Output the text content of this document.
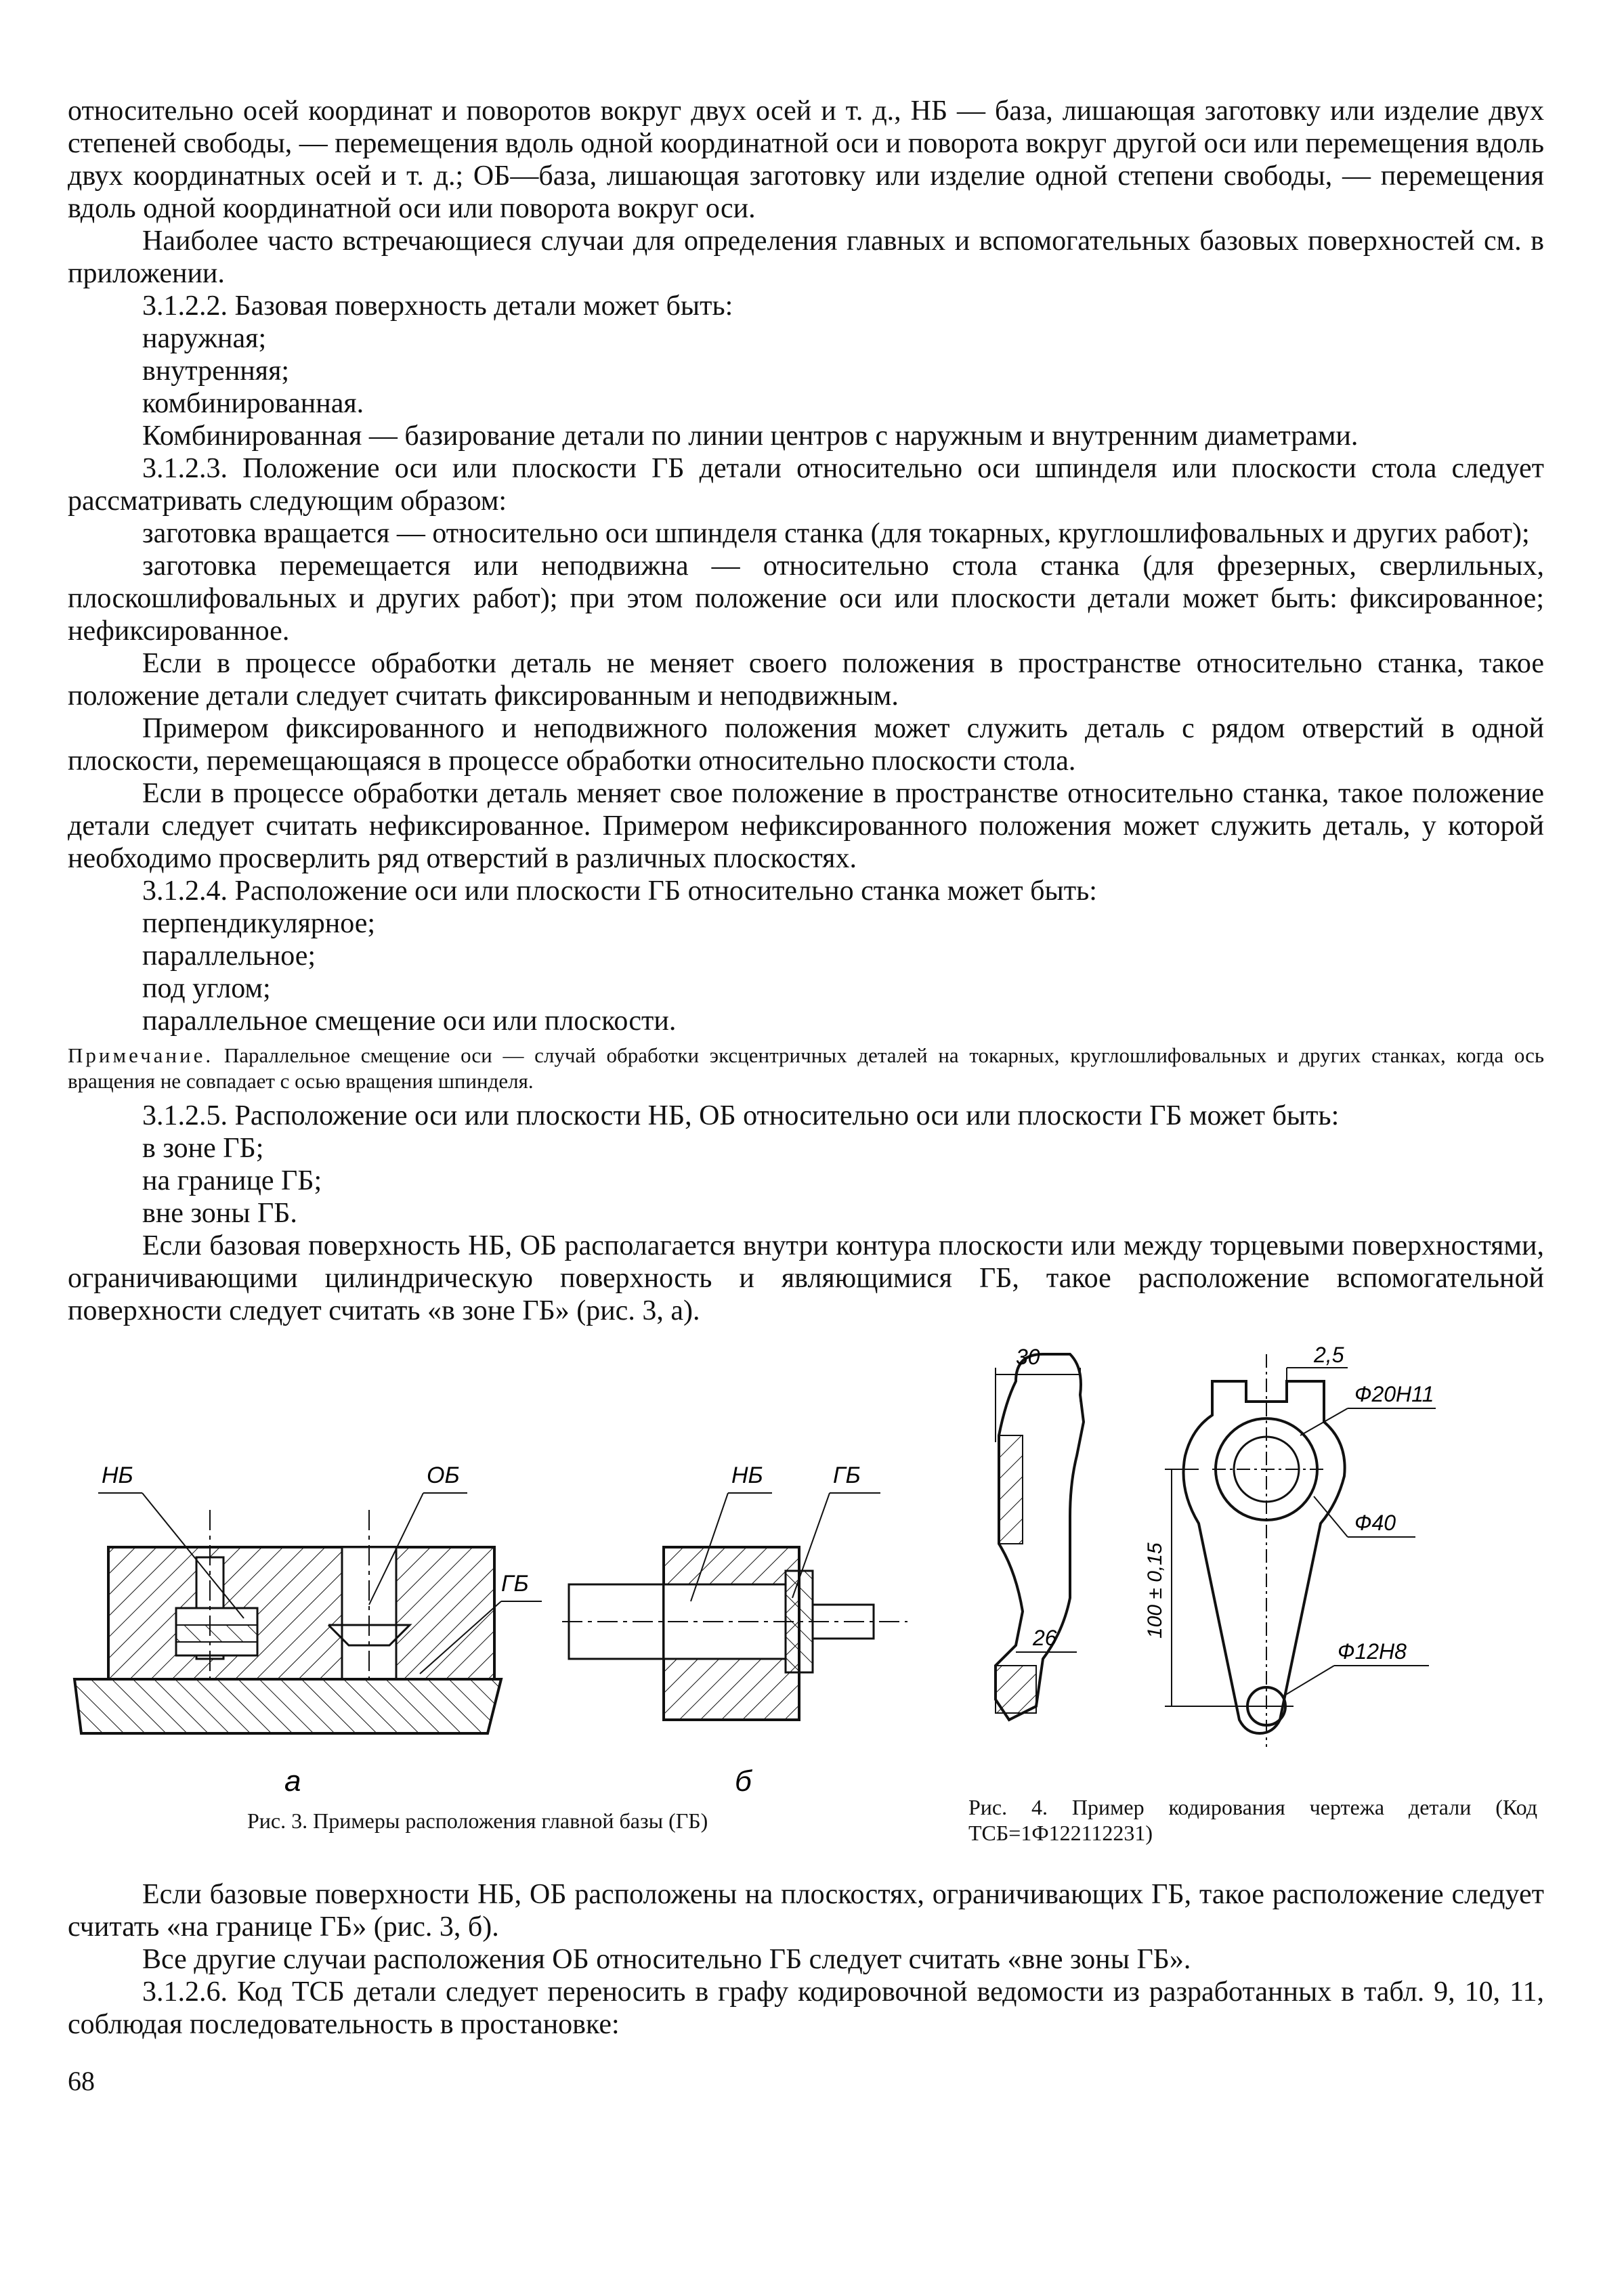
относительно осей координат и поворотов вокруг двух осей и т. д., НБ — база, лишающая заготовку или изделие двух степеней свободы, — перемещения вдоль одной координатной оси и поворота вокруг другой оси или перемещения вдоль двух координатных осей и т. д.; ОБ—база, лишающая заготовку или изделие одной степени свободы, — перемещения вдоль одной координатной оси или поворота вокруг оси.

Наиболее часто встречающиеся случаи для определения главных и вспомогательных базовых поверхностей см. в приложении.

3.1.2.2. Базовая поверхность детали может быть:

наружная;

внутренняя;

комбинированная.

Комбинированная — базирование детали по линии центров с наружным и внутренним диаметрами.

3.1.2.3. Положение оси или плоскости ГБ детали относительно оси шпинделя или плоскости стола следует рассматривать следующим образом:

заготовка вращается — относительно оси шпинделя станка (для токарных, круглошлифовальных и других работ);

заготовка перемещается или неподвижна — относительно стола станка (для фрезерных, сверлильных, плоскошлифовальных и других работ); при этом положение оси или плоскости детали может быть: фиксированное; нефиксированное.

Если в процессе обработки деталь не меняет своего положения в пространстве относительно станка, такое положение детали следует считать фиксированным и неподвижным.

Примером фиксированного и неподвижного положения может служить деталь с рядом отверстий в одной плоскости, перемещающаяся в процессе обработки относительно плоскости стола.

Если в процессе обработки деталь меняет свое положение в пространстве относительно станка, такое положение детали следует считать нефиксированное. Примером нефиксированного положения может служить деталь, у которой необходимо просверлить ряд отверстий в различных плоскостях.

3.1.2.4. Расположение оси или плоскости ГБ относительно станка может быть:

перпендикулярное;

параллельное;

под углом;

параллельное смещение оси или плоскости.

Примечание. Параллельное смещение оси — случай обработки эксцентричных деталей на токарных, круглошлифовальных и других станках, когда ось вращения не совпадает с осью вращения шпинделя.

3.1.2.5. Расположение оси или плоскости НБ, ОБ относительно оси или плоскости ГБ может быть:

в зоне ГБ;

на границе ГБ;

вне зоны ГБ.

Если базовая поверхность НБ, ОБ располагается внутри контура плоскости или между торцевыми поверхностями, ограничивающими цилиндрическую поверхность и являющимися ГБ, такое расположение вспомогательной поверхности следует считать «в зоне ГБ» (рис. 3, а).

НБ	ОБ
ГБ
а
НБ	ГБ
б
Рис. 3. Примеры расположения главной базы (ГБ)
30
26	100 ± 0,15
2,5
Ф20Н11
Ф40
Ф12Н8
Рис. 4. Пример кодирования чертежа детали (Код ТСБ=1Ф122112231)

Если базовые поверхности НБ, ОБ расположены на плоскостях, ограничивающих ГБ, такое расположение следует считать «на границе ГБ» (рис. 3, б).

Все другие случаи расположения ОБ относительно ГБ следует считать «вне зоны ГБ».

3.1.2.6. Код ТСБ детали следует переносить в графу кодировочной ведомости из разработанных в табл. 9, 10, 11, соблюдая последовательность в простановке:

68
